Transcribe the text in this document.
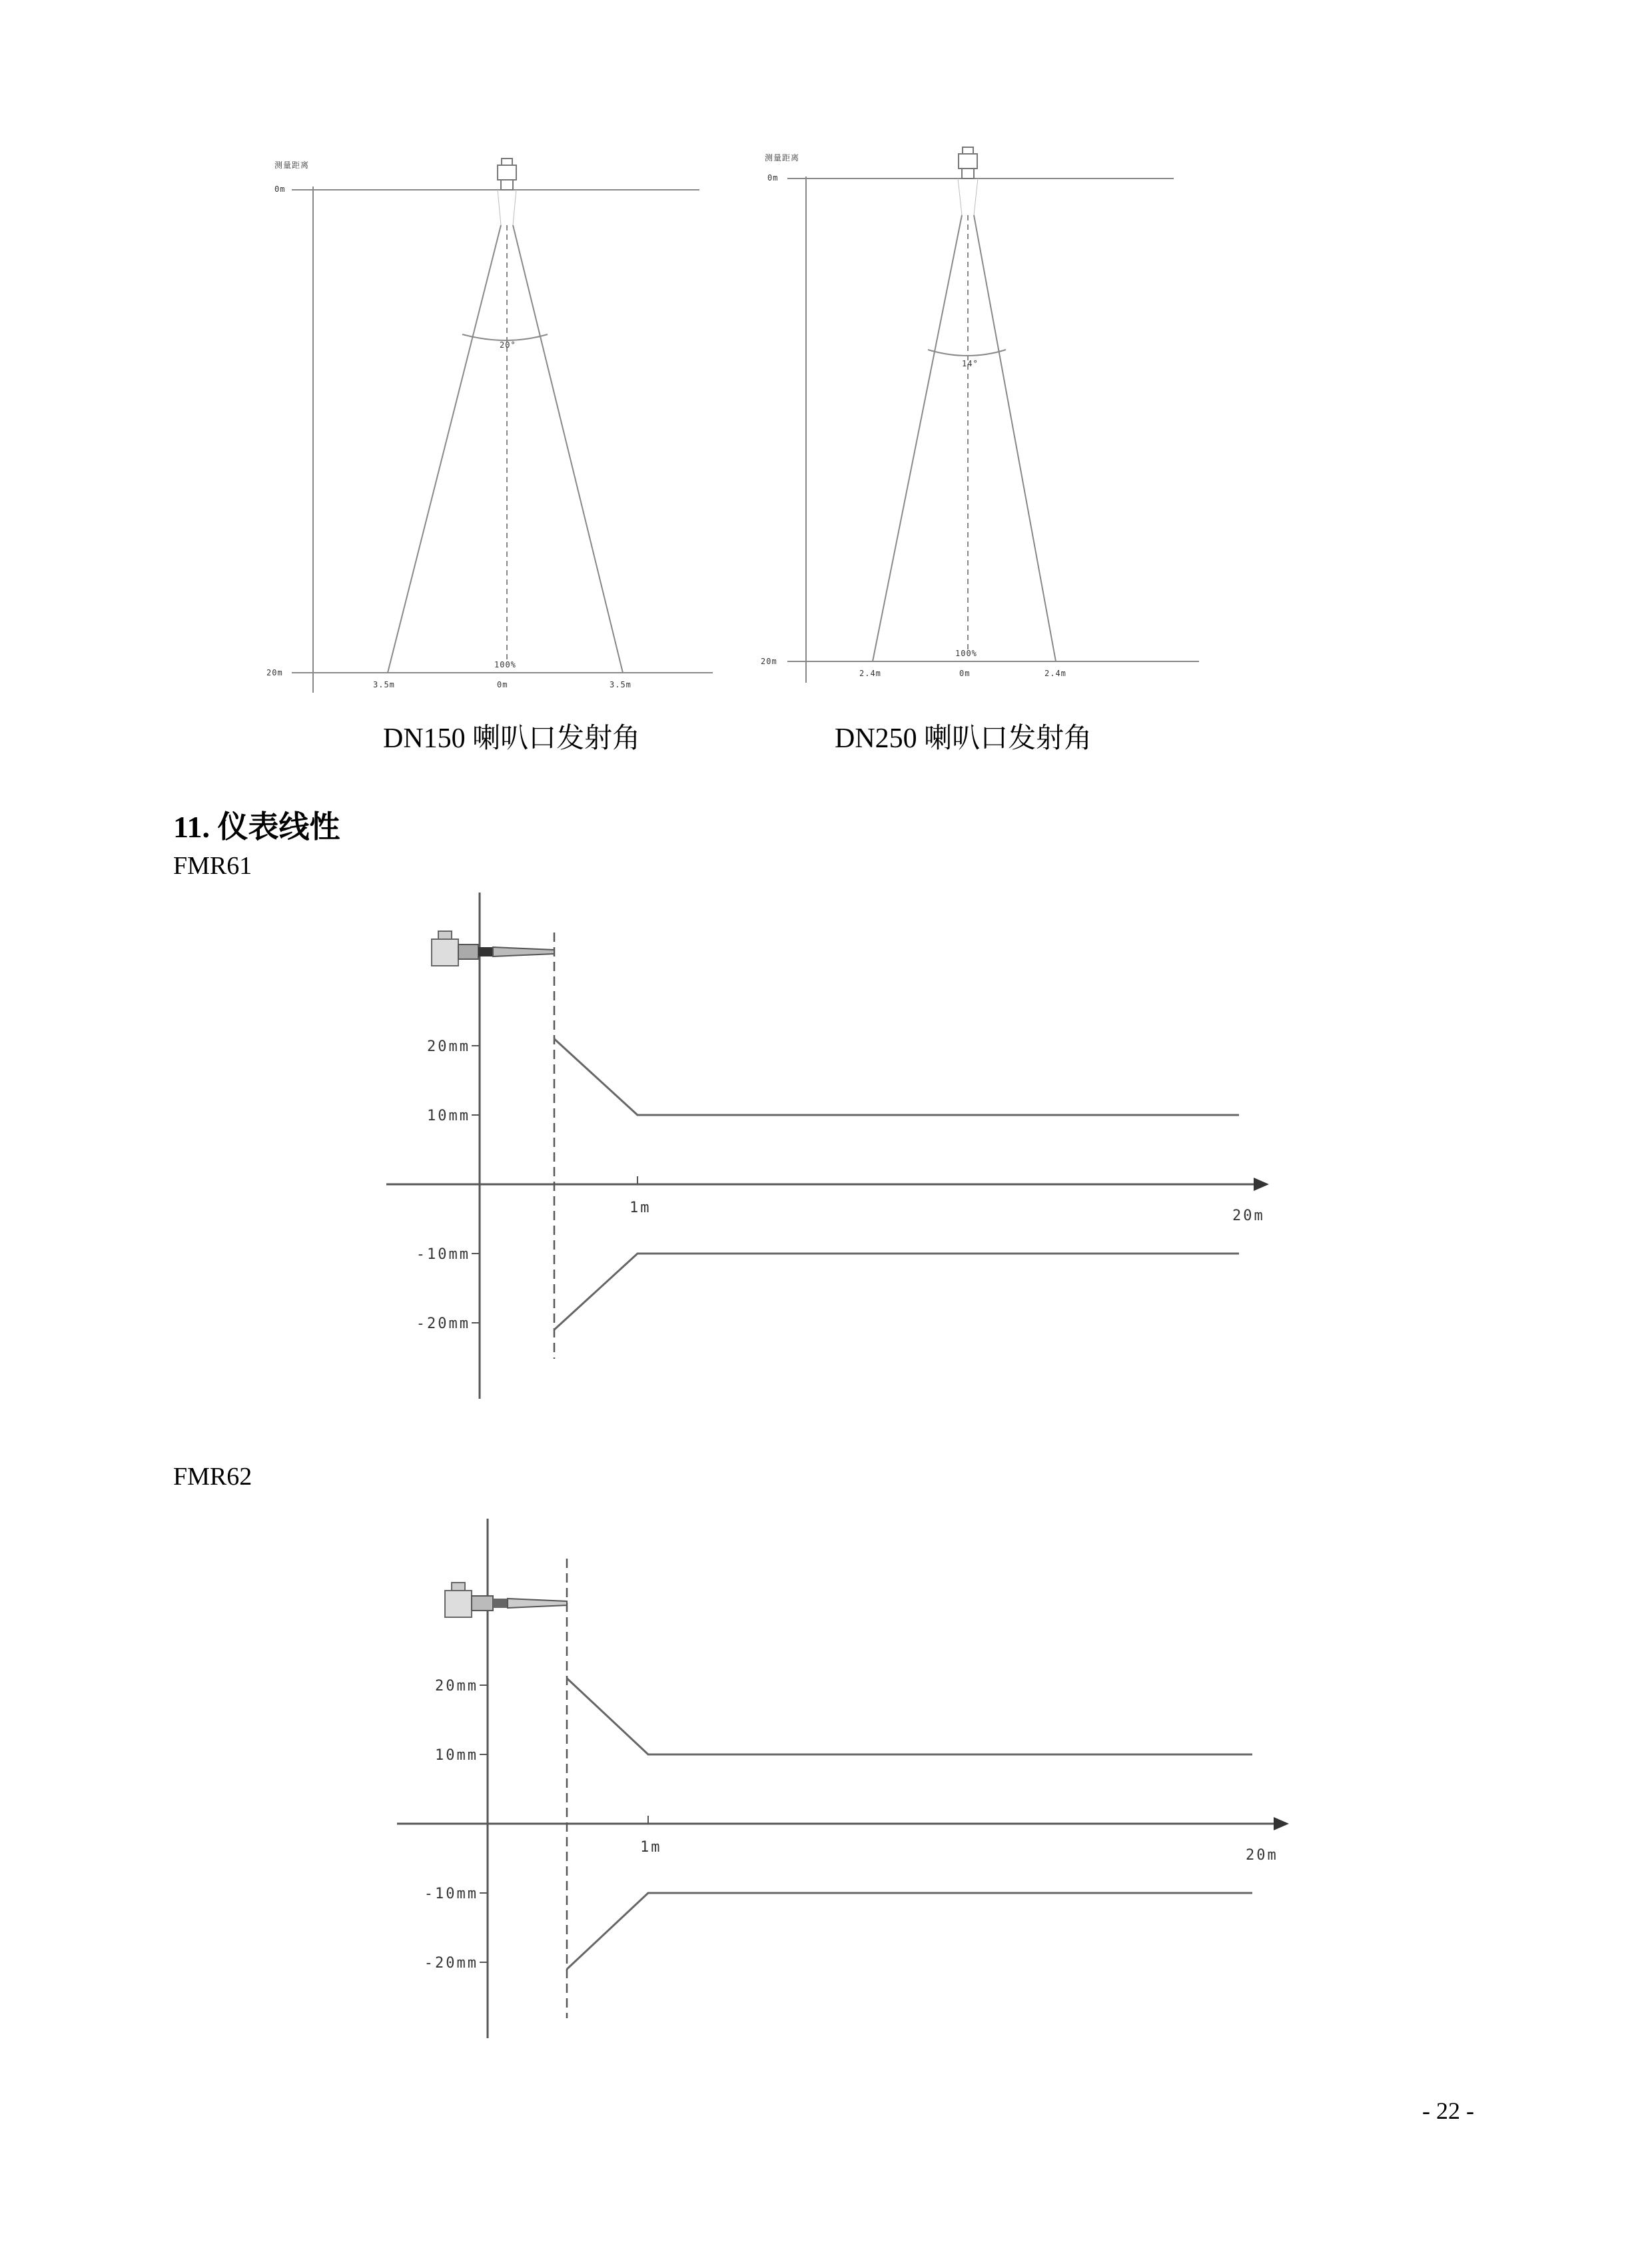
测量距离
0m
20m
20°
100%
3.5m	0m	3.5m
DN150 喇叭口发射角
测量距离
0m
20m
14°
100%
2.4m	0m	2.4m
DN250 喇叭口发射角
11. 仪表线性
FMR61
20mm
10mm
-10mm
-20mm
1m	20m
FMR62
20mm
10mm
-10mm
-20mm
1m	20m
- 22 -
